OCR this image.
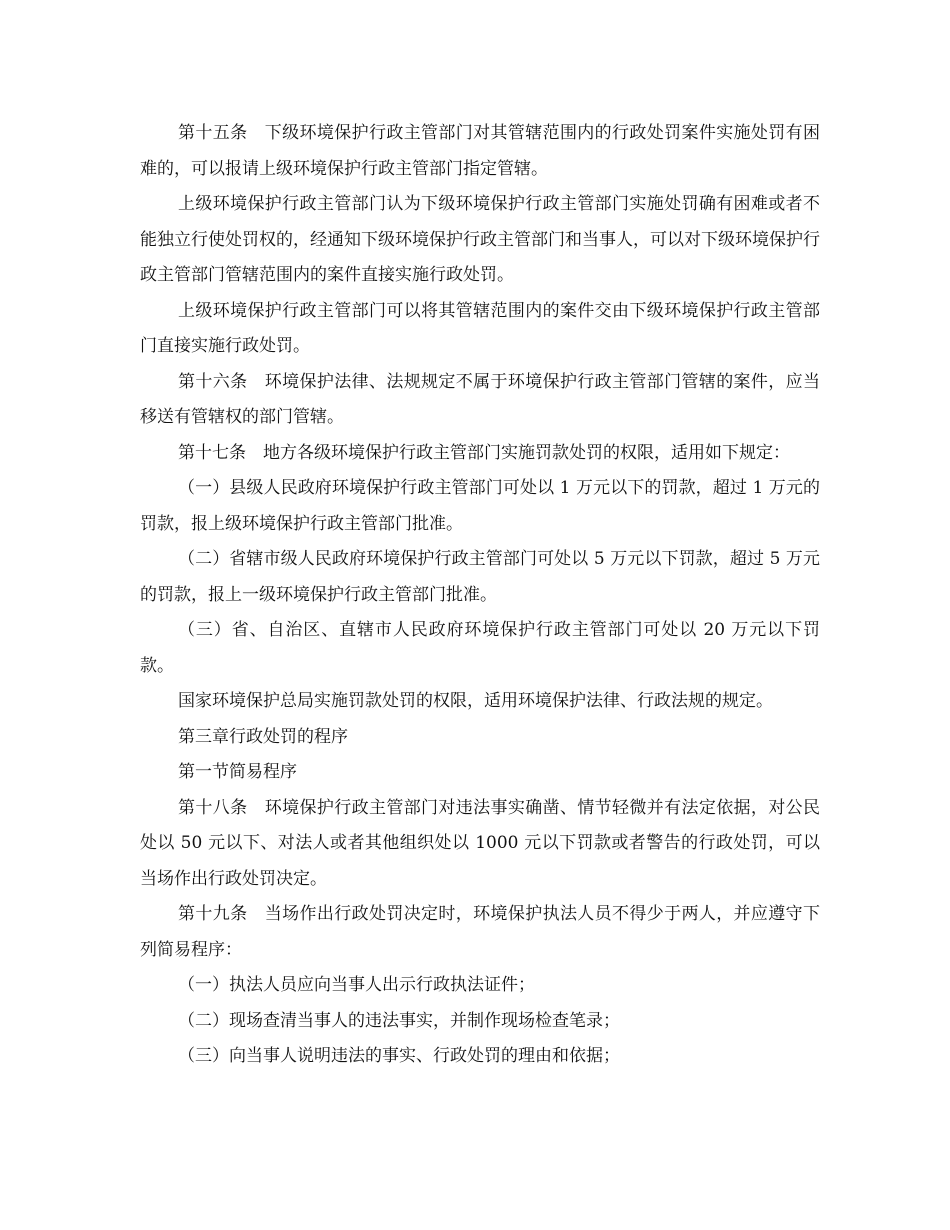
第十五条　下级环境保护行政主管部门对其管辖范围内的行政处罚案件实施处罚有困难的，可以报请上级环境保护行政主管部门指定管辖。

上级环境保护行政主管部门认为下级环境保护行政主管部门实施处罚确有困难或者不能独立行使处罚权的，经通知下级环境保护行政主管部门和当事人，可以对下级环境保护行政主管部门管辖范围内的案件直接实施行政处罚。

上级环境保护行政主管部门可以将其管辖范围内的案件交由下级环境保护行政主管部门直接实施行政处罚。

第十六条　环境保护法律、法规规定不属于环境保护行政主管部门管辖的案件，应当移送有管辖权的部门管辖。

第十七条　地方各级环境保护行政主管部门实施罚款处罚的权限，适用如下规定：

（一）县级人民政府环境保护行政主管部门可处以 1 万元以下的罚款，超过 1 万元的罚款，报上级环境保护行政主管部门批准。

（二）省辖市级人民政府环境保护行政主管部门可处以 5 万元以下罚款，超过 5 万元的罚款，报上一级环境保护行政主管部门批准。

（三）省、自治区、直辖市人民政府环境保护行政主管部门可处以 20 万元以下罚款。

国家环境保护总局实施罚款处罚的权限，适用环境保护法律、行政法规的规定。

第三章行政处罚的程序

第一节简易程序

第十八条　环境保护行政主管部门对违法事实确凿、情节轻微并有法定依据，对公民处以 50 元以下、对法人或者其他组织处以 1000 元以下罚款或者警告的行政处罚，可以当场作出行政处罚决定。

第十九条　当场作出行政处罚决定时，环境保护执法人员不得少于两人，并应遵守下列简易程序：

（一）执法人员应向当事人出示行政执法证件；

（二）现场查清当事人的违法事实，并制作现场检查笔录；

（三）向当事人说明违法的事实、行政处罚的理由和依据；
